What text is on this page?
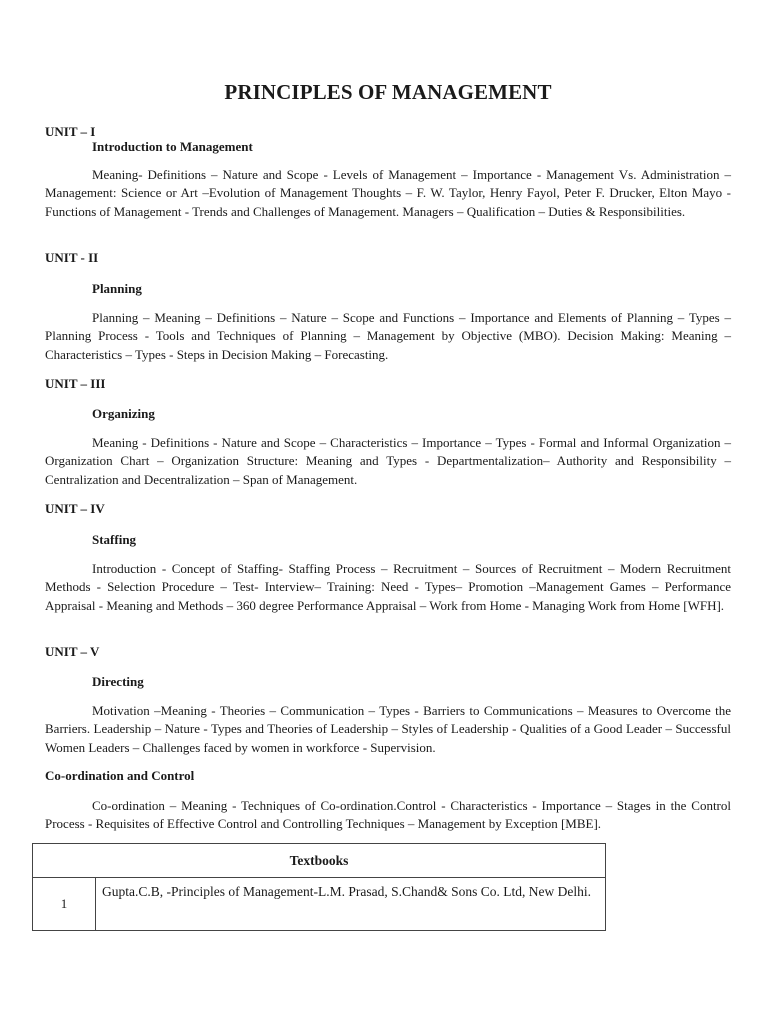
PRINCIPLES OF MANAGEMENT
UNIT – I
Introduction to Management
Meaning- Definitions – Nature and Scope - Levels of Management – Importance - Management Vs. Administration – Management: Science or Art –Evolution of Management Thoughts – F. W. Taylor, Henry Fayol, Peter F. Drucker, Elton Mayo - Functions of Management - Trends and Challenges of Management. Managers – Qualification – Duties & Responsibilities.
UNIT - II
Planning
Planning – Meaning – Definitions – Nature – Scope and Functions – Importance and Elements of Planning – Types – Planning Process - Tools and Techniques of Planning – Management by Objective (MBO). Decision Making: Meaning – Characteristics – Types - Steps in Decision Making – Forecasting.
UNIT – III
Organizing
Meaning - Definitions - Nature and Scope – Characteristics – Importance – Types - Formal and Informal Organization – Organization Chart – Organization Structure: Meaning and Types - Departmentalization– Authority and Responsibility – Centralization and Decentralization – Span of Management.
UNIT – IV
Staffing
Introduction - Concept of Staffing- Staffing Process – Recruitment – Sources of Recruitment – Modern Recruitment Methods - Selection Procedure – Test- Interview– Training: Need - Types– Promotion –Management Games – Performance Appraisal - Meaning and Methods – 360 degree Performance Appraisal – Work from Home - Managing Work from Home [WFH].
UNIT – V
Directing
Motivation –Meaning - Theories – Communication – Types - Barriers to Communications – Measures to Overcome the Barriers. Leadership – Nature - Types and Theories of Leadership – Styles of Leadership - Qualities of a Good Leader – Successful Women Leaders – Challenges faced by women in workforce - Supervision.
Co-ordination and Control
Co-ordination – Meaning - Techniques of Co-ordination.Control - Characteristics - Importance – Stages in the Control Process - Requisites of Effective Control and Controlling Techniques – Management by Exception [MBE].
Textbooks
1	Gupta.C.B, -Principles of Management-L.M. Prasad, S.Chand& Sons Co. Ltd, New Delhi.
